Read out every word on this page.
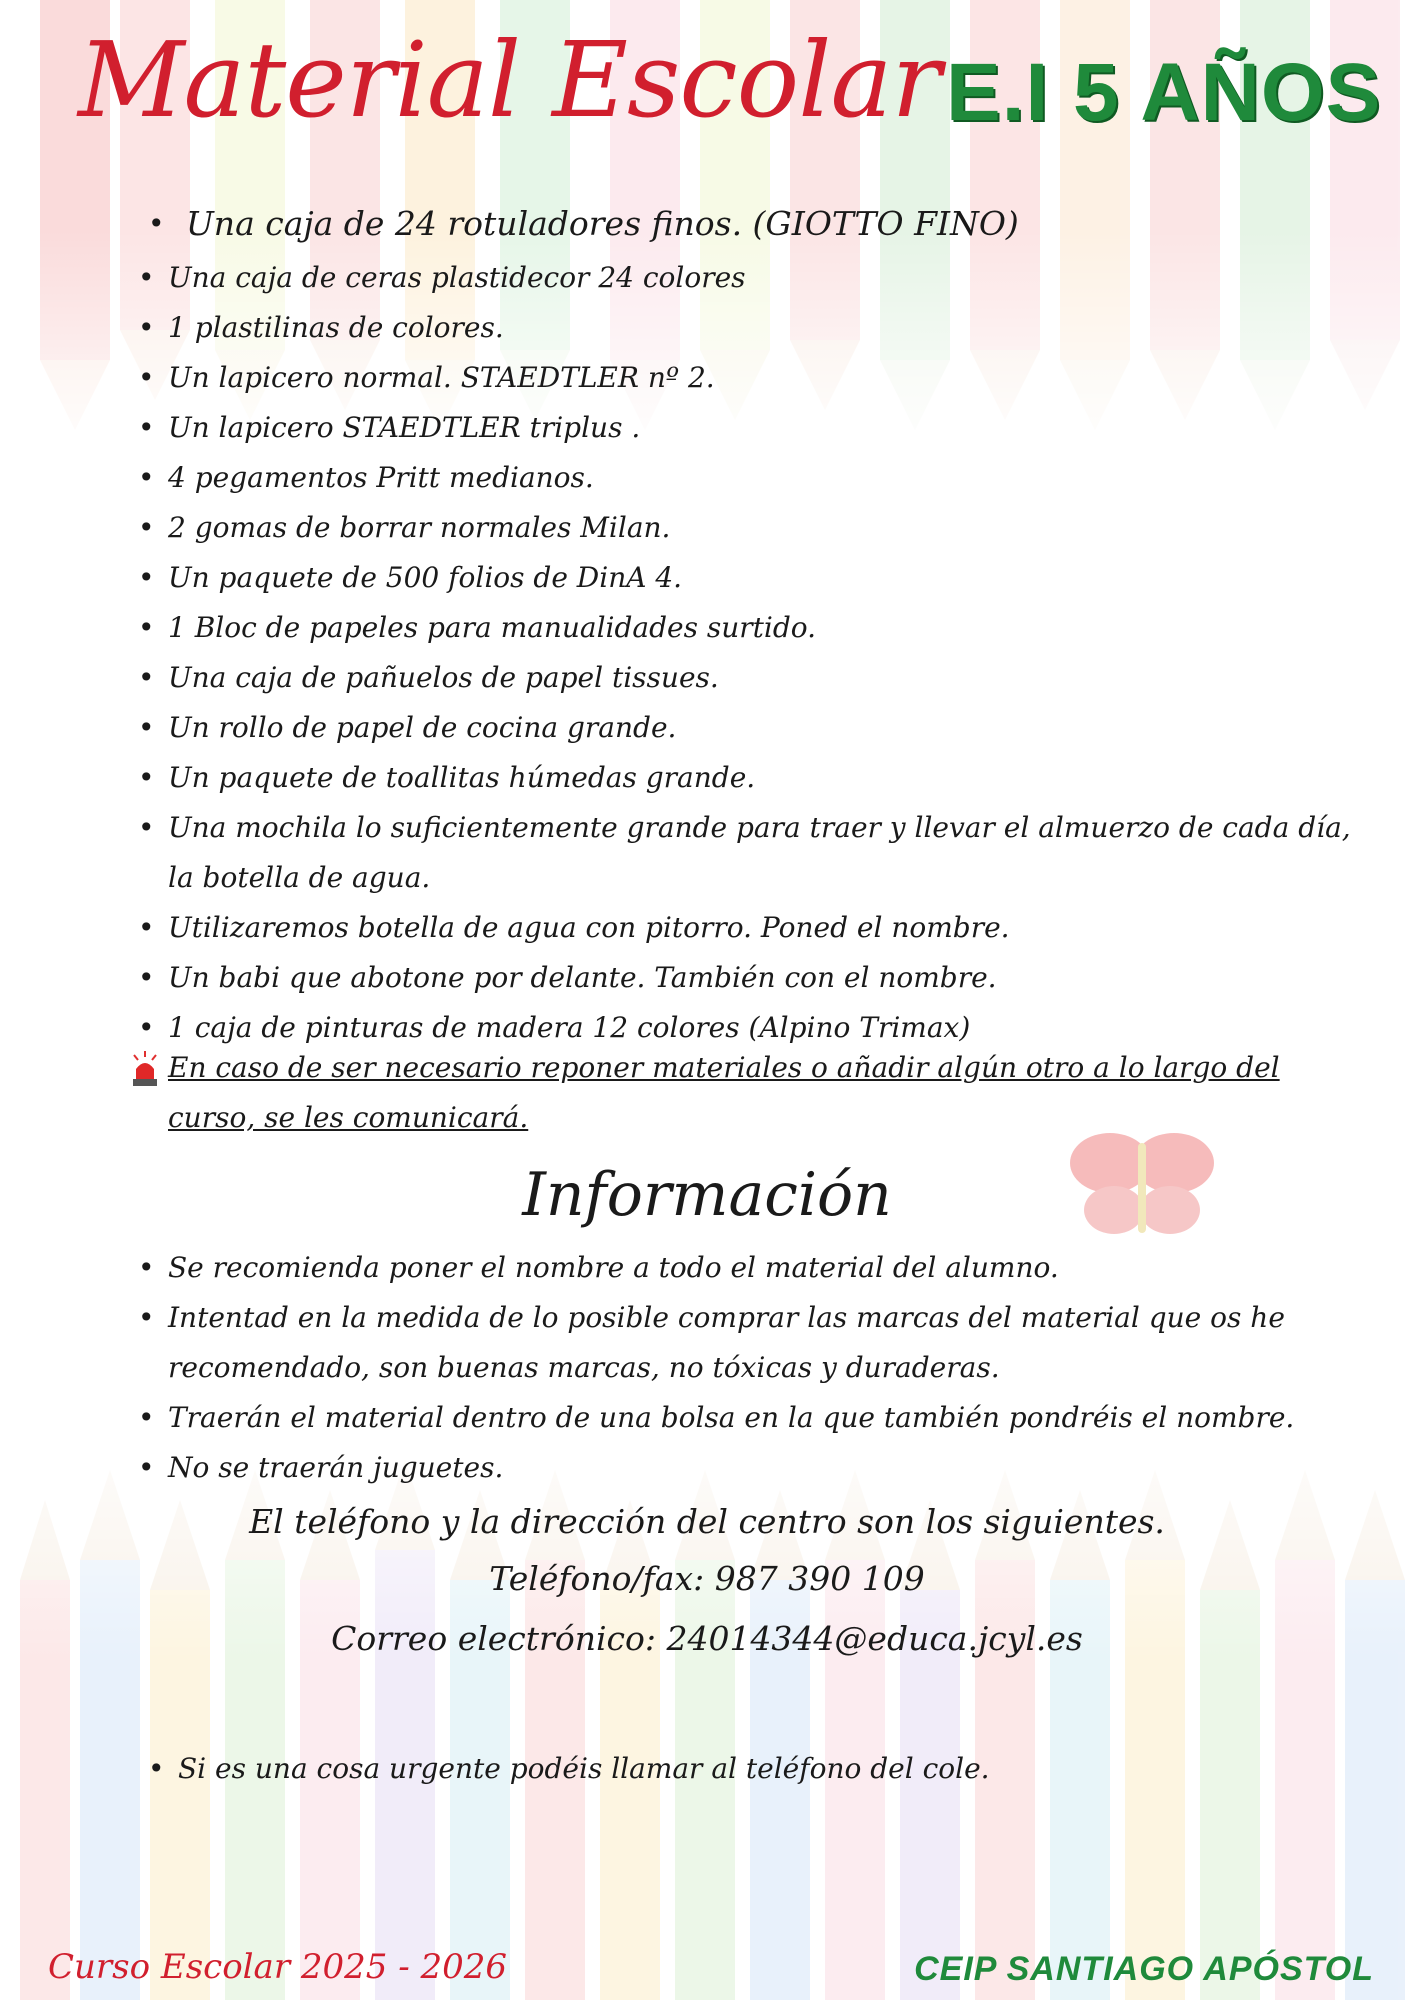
Material Escolar E.I 5 AÑOS
• Una caja de 24 rotuladores finos. (GIOTTO FINO)
• Una caja de ceras plastidecor 24 colores
• 1 plastilinas de colores.
• Un lapicero normal. STAEDTLER nº 2.
• Un lapicero STAEDTLER triplus .
• 4 pegamentos Pritt medianos.
• 2 gomas de borrar normales Milan.
• Un paquete de 500 folios de DinA 4.
• 1 Bloc de papeles para manualidades surtido.
• Una caja de pañuelos de papel tissues.
• Un rollo de papel de cocina grande.
• Un paquete de toallitas húmedas grande.
• Una mochila lo suficientemente grande para traer y llevar el almuerzo de cada día, la botella de agua.
• Utilizaremos botella de agua con pitorro. Poned el nombre.
• Un babi que abotone por delante. También con el nombre.
• 1 caja de pinturas de madera 12 colores (Alpino Trimax)
En caso de ser necesario reponer materiales o añadir algún otro a lo largo del curso, se les comunicará.
Información
• Se recomienda poner el nombre a todo el material del alumno.
• Intentad en la medida de lo posible comprar las marcas del material que os he recomendado, son buenas marcas, no tóxicas y duraderas.
• Traerán el material dentro de una bolsa en la que también pondréis el nombre.
• No se traerán juguetes.
El teléfono y la dirección del centro son los siguientes.
Teléfono/fax: 987 390 109
Correo electrónico: 24014344@educa.jcyl.es
• Si es una cosa urgente podéis llamar al teléfono del cole.
Curso Escolar 2025 - 2026	CEIP SANTIAGO APÓSTOL
